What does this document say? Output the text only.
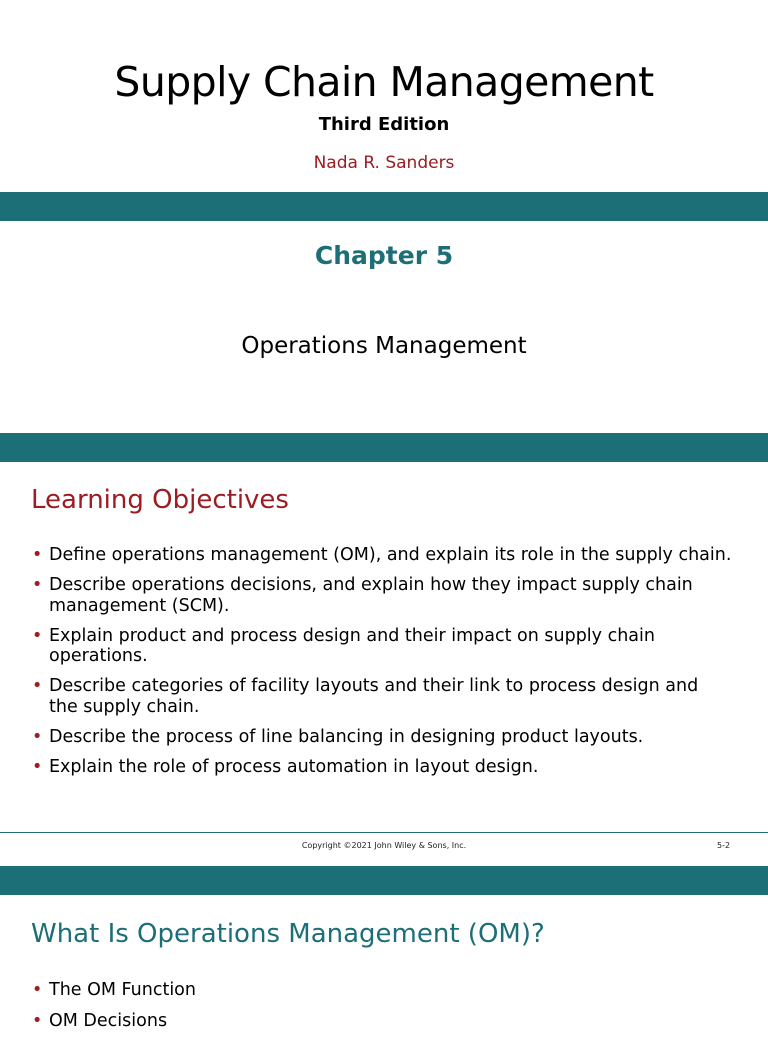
Supply Chain Management
Third Edition
Nada R. Sanders
Chapter 5
Operations Management
Learning Objectives
• Define operations management (OM), and explain its role in the supply chain.
• Describe operations decisions, and explain how they impact supply chain management (SCM).
• Explain product and process design and their impact on supply chain operations.
• Describe categories of facility layouts and their link to process design and the supply chain.
• Describe the process of line balancing in designing product layouts.
• Explain the role of process automation in layout design.
Copyright ©2021 John Wiley & Sons, Inc.	5-2
What Is Operations Management (OM)?
• The OM Function
• OM Decisions
